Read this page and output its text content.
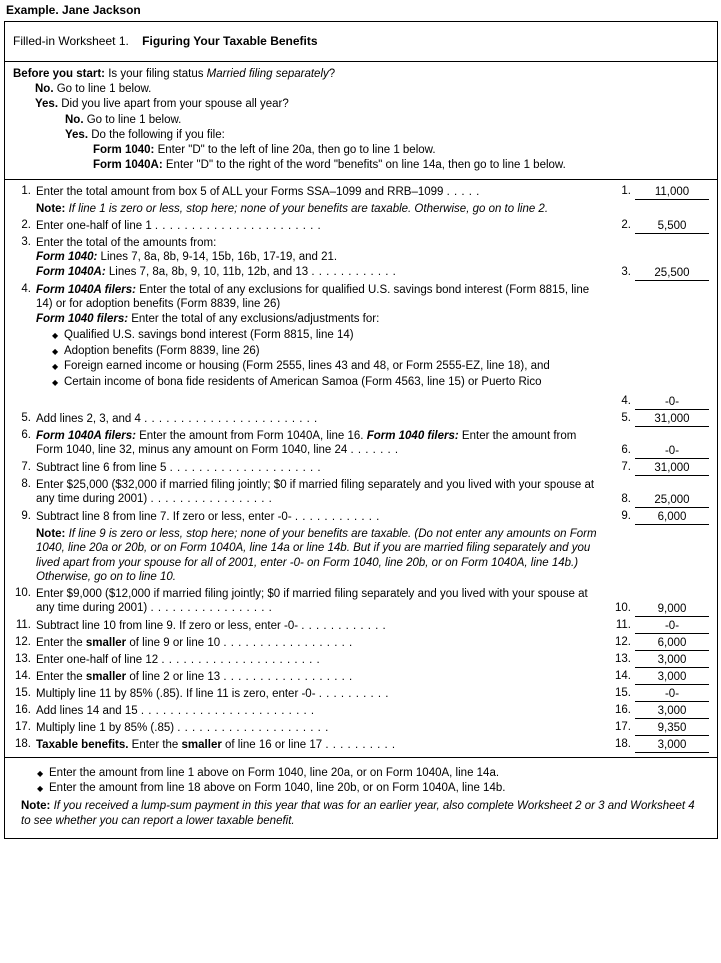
Example. Jane Jackson
Filled-in Worksheet 1. Figuring Your Taxable Benefits
Before you start: Is your filing status Married filing separately?
No. Go to line 1 below.
Yes. Did you live apart from your spouse all year?
No. Go to line 1 below.
Yes. Do the following if you file:
Form 1040: Enter "D" to the left of line 20a, then go to line 1 below.
Form 1040A: Enter "D" to the right of the word "benefits" on line 14a, then go to line 1 below.
1.	Enter the total amount from box 5 of ALL your Forms SSA–1099 and RRB–1099 . . . . .	1.	11,000

	Note: If line 1 is zero or less, stop here; none of your benefits are taxable. Otherwise, go on to line 2.		
2.	Enter one-half of line 1 . . . . . . . . . . . . . . . . . . . . . . .	2.	5,500

3.	Enter the total of the amounts from:
Form 1040: Lines 7, 8a, 8b, 9-14, 15b, 16b, 17-19, and 21.
Form 1040A: Lines 7, 8a, 8b, 9, 10, 11b, 12b, and 13 . . . . . . . . . . . .	3.	25,500

4.	Form 1040A filers: Enter the total of any exclusions for qualified U.S. savings bond interest (Form 8815, line 14) or for adoption benefits (Form 8839, line 26)
Form 1040 filers: Enter the total of any exclusions/adjustments for:
◆ Qualified U.S. savings bond interest (Form 8815, line 14)
◆ Adoption benefits (Form 8839, line 26)
◆ Foreign earned income or housing (Form 2555, lines 43 and 48, or Form 2555-EZ, line 18), and
◆ Certain income of bona fide residents of American Samoa (Form 4563, line 15) or Puerto Rico
	4.	-0-

5.	Add lines 2, 3, and 4 . . . . . . . . . . . . . . . . . . . . . . . .	5.	31,000

6.	Form 1040A filers: Enter the amount from Form 1040A, line 16. Form 1040 filers: Enter the amount from Form 1040, line 32, minus any amount on Form 1040, line 24 . . . . . . .	6.	-0-

7.	Subtract line 6 from line 5 . . . . . . . . . . . . . . . . . . . . .	7.	31,000

8.	Enter $25,000 ($32,000 if married filing jointly; $0 if married filing separately and you lived with your spouse at any time during 2001) . . . . . . . . . . . . . . . . .	8.	25,000

9.	Subtract line 8 from line 7. If zero or less, enter -0- . . . . . . . . . . . .	9.	6,000

	Note: If line 9 is zero or less, stop here; none of your benefits are taxable. (Do not enter any amounts on Form 1040, line 20a or 20b, or on Form 1040A, line 14a or line 14b. But if you are married filing separately and you lived apart from your spouse for all of 2001, enter -0- on Form 1040, line 20b, or on Form 1040A, line 14b.) Otherwise, go on to line 10.		
10.	Enter $9,000 ($12,000 if married filing jointly; $0 if married filing separately and you lived with your spouse at any time during 2001) . . . . . . . . . . . . . . . . .	10.	9,000

11.	Subtract line 10 from line 9. If zero or less, enter -0- . . . . . . . . . . . .	11.	-0-

12.	Enter the smaller of line 9 or line 10 . . . . . . . . . . . . . . . . . .	12.	6,000

13.	Enter one-half of line 12 . . . . . . . . . . . . . . . . . . . . . .	13.	3,000

14.	Enter the smaller of line 2 or line 13 . . . . . . . . . . . . . . . . . .	14.	3,000

15.	Multiply line 11 by 85% (.85). If line 11 is zero, enter -0- . . . . . . . . . .	15.	-0-

16.	Add lines 14 and 15 . . . . . . . . . . . . . . . . . . . . . . . .	16.	3,000

17.	Multiply line 1 by 85% (.85) . . . . . . . . . . . . . . . . . . . . .	17.	9,350

18.	Taxable benefits. Enter the smaller of line 16 or line 17 . . . . . . . . . .	18.	3,000
◆ Enter the amount from line 1 above on Form 1040, line 20a, or on Form 1040A, line 14a.
◆ Enter the amount from line 18 above on Form 1040, line 20b, or on Form 1040A, line 14b.
Note: If you received a lump-sum payment in this year that was for an earlier year, also complete Worksheet 2 or 3 and Worksheet 4 to see whether you can report a lower taxable benefit.
